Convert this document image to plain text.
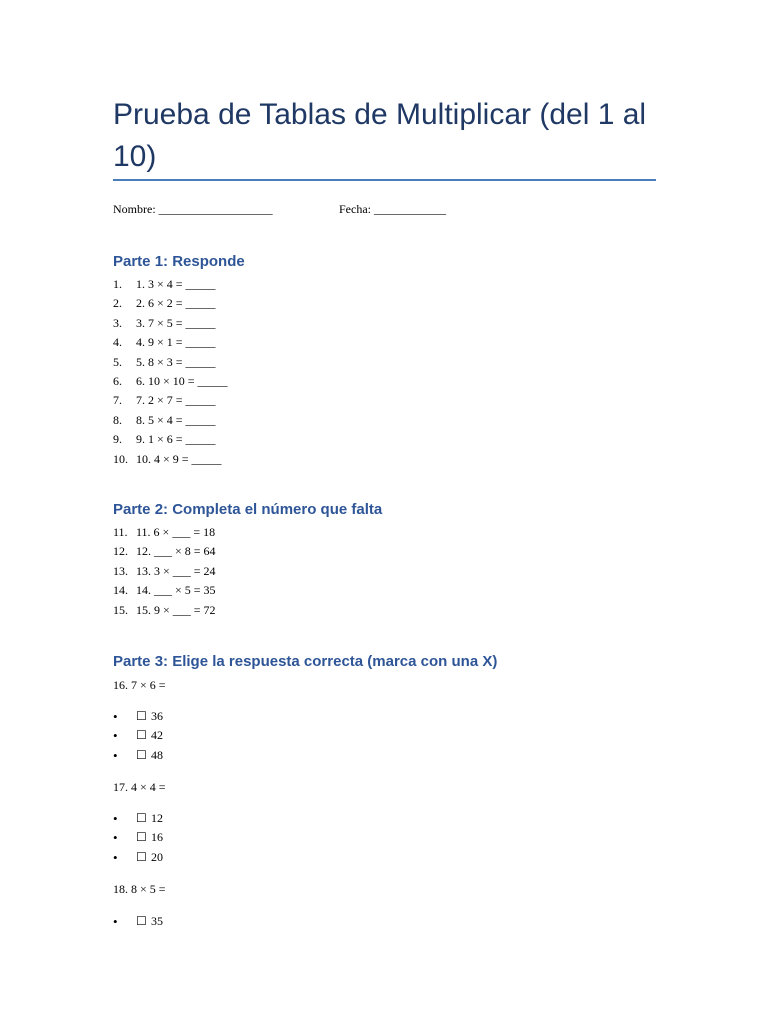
Prueba de Tablas de Multiplicar (del 1 al 10)
Nombre: ___________________	Fecha: ____________
Parte 1: Responde
1. 1. 3 × 4 = _____
2. 2. 6 × 2 = _____
3. 3. 7 × 5 = _____
4. 4. 9 × 1 = _____
5. 5. 8 × 3 = _____
6. 6. 10 × 10 = _____
7. 7. 2 × 7 = _____
8. 8. 5 × 4 = _____
9. 9. 1 × 6 = _____
10. 10. 4 × 9 = _____
Parte 2: Completa el número que falta
11. 11. 6 × ___ = 18
12. 12. ___ × 8 = 64
13. 13. 3 × ___ = 24
14. 14. ___ × 5 = 35
15. 15. 9 × ___ = 72
Parte 3: Elige la respuesta correcta (marca con una X)
16. 7 × 6 =
• ☐ 36
• ☐ 42
• ☐ 48
17. 4 × 4 =
• ☐ 12
• ☐ 16
• ☐ 20
18. 8 × 5 =
• ☐ 35
